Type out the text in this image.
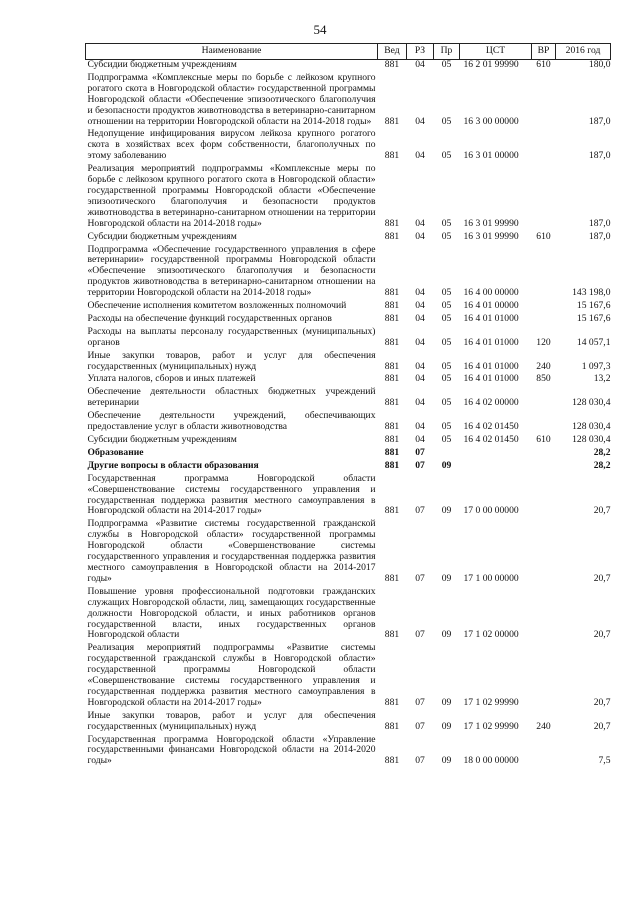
54
Наименование	Вед	РЗ	Пр	ЦСТ	ВР	2016 год
Субсидии бюджетным учреждениям	881	04	05	16 2 01 99990	610	180,0
Подпрограмма «Комплексные меры по борьбе с лейкозом крупного рогатого скота в Новгородской области» государственной программы Новгородской области «Обеспечение эпизоотического благополучия и безопасности продуктов животноводства в ветеринарно-санитарном отношении на территории Новгородской области на 2014-2018 годы»	881	04	05	16 3 00 00000		187,0
Недопущение инфицирования вирусом лейкоза крупного рогатого скота в хозяйствах всех форм собственности, благополучных по этому заболеванию	881	04	05	16 3 01 00000		187,0
Реализация мероприятий подпрограммы «Комплексные меры по борьбе с лейкозом крупного рогатого скота в Новгородской области» государственной программы Новгородской области «Обеспечение эпизоотического благополучия и безопасности продуктов животноводства в ветеринарно-санитарном отношении на территории Новгородской области на 2014-2018 годы»	881	04	05	16 3 01 99990		187,0
Субсидии бюджетным учреждениям	881	04	05	16 3 01 99990	610	187,0
Подпрограмма «Обеспечение государственного управления в сфере ветеринарии» государственной программы Новгородской области «Обеспечение эпизоотического благополучия и безопасности продуктов животноводства в ветеринарно-санитарном отношении на территории Новгородской области на 2014-2018 годы»	881	04	05	16 4 00 00000		143 198,0
Обеспечение исполнения комитетом возложенных полномочий	881	04	05	16 4 01 00000		15 167,6
Расходы на обеспечение функций государственных органов	881	04	05	16 4 01 01000		15 167,6
Расходы на выплаты персоналу государственных (муниципальных) органов	881	04	05	16 4 01 01000	120	14 057,1
Иные закупки товаров, работ и услуг для обеспечения государственных (муниципальных) нужд	881	04	05	16 4 01 01000	240	1 097,3
Уплата налогов, сборов и иных платежей	881	04	05	16 4 01 01000	850	13,2
Обеспечение деятельности областных бюджетных учреждений ветеринарии	881	04	05	16 4 02 00000		128 030,4
Обеспечение деятельности учреждений, обеспечивающих предоставление услуг в области животноводства	881	04	05	16 4 02 01450		128 030,4
Субсидии бюджетным учреждениям	881	04	05	16 4 02 01450	610	128 030,4
Образование	881	07				28,2
Другие вопросы в области образования	881	07	09			28,2
Государственная программа Новгородской области «Совершенствование системы государственного управления и государственная поддержка развития местного самоуправления в Новгородской области на 2014-2017 годы»	881	07	09	17 0 00 00000		20,7
Подпрограмма «Развитие системы государственной гражданской службы в Новгородской области» государственной программы Новгородской области «Совершенствование системы государственного управления и государственная поддержка развития местного самоуправления в Новгородской области на 2014-2017 годы»	881	07	09	17 1 00 00000		20,7
Повышение уровня профессиональной подготовки гражданских служащих Новгородской области, лиц, замещающих государственные должности Новгородской области, и иных работников органов государственной власти, иных государственных органов Новгородской области	881	07	09	17 1 02 00000		20,7
Реализация мероприятий подпрограммы «Развитие системы государственной гражданской службы в Новгородской области» государственной программы Новгородской области «Совершенствование системы государственного управления и государственная поддержка развития местного самоуправления в Новгородской области на 2014-2017 годы»	881	07	09	17 1 02 99990		20,7
Иные закупки товаров, работ и услуг для обеспечения государственных (муниципальных) нужд	881	07	09	17 1 02 99990	240	20,7
Государственная программа Новгородской области «Управление государственными финансами Новгородской области на 2014-2020 годы»	881	07	09	18 0 00 00000		7,5
